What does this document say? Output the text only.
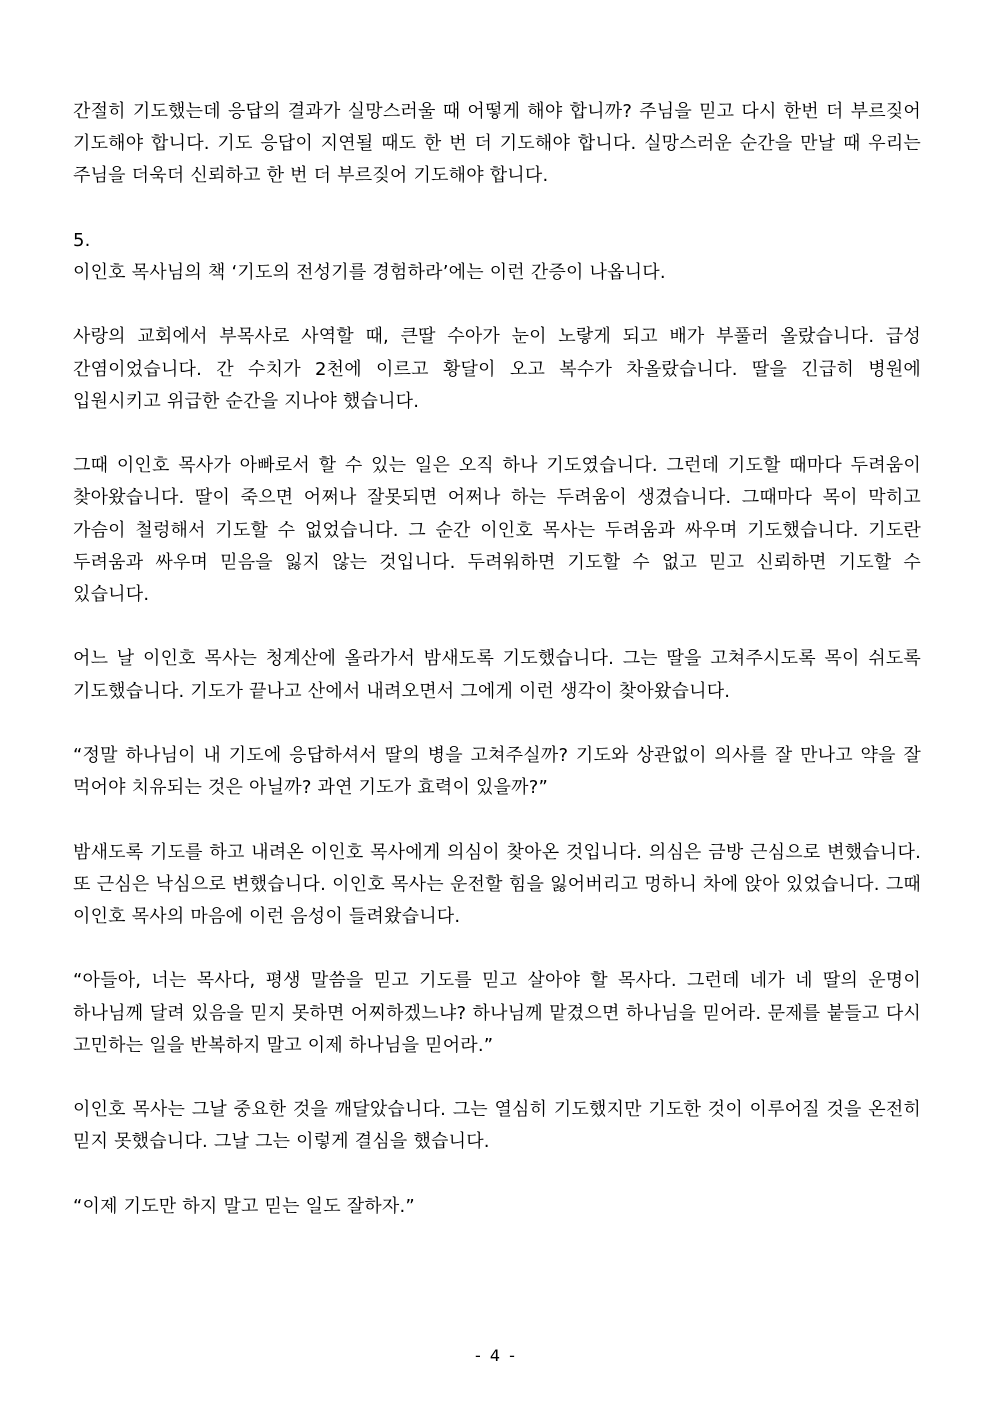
간절히 기도했는데 응답의 결과가 실망스러울 때 어떻게 해야 합니까? 주님을 믿고 다시 한번 더 부르짖어 기도해야 합니다. 기도 응답이 지연될 때도 한 번 더 기도해야 합니다. 실망스러운 순간을 만날 때 우리는 주님을 더욱더 신뢰하고 한 번 더 부르짖어 기도해야 합니다.

5.

이인호 목사님의 책 ‘기도의 전성기를 경험하라’에는 이런 간증이 나옵니다.

사랑의 교회에서 부목사로 사역할 때, 큰딸 수아가 눈이 노랗게 되고 배가 부풀러 올랐습니다. 급성 간염이었습니다. 간 수치가 2천에 이르고 황달이 오고 복수가 차올랐습니다. 딸을 긴급히 병원에 입원시키고 위급한 순간을 지나야 했습니다.

그때 이인호 목사가 아빠로서 할 수 있는 일은 오직 하나 기도였습니다. 그런데 기도할 때마다 두려움이 찾아왔습니다. 딸이 죽으면 어쩌나 잘못되면 어쩌나 하는 두려움이 생겼습니다. 그때마다 목이 막히고 가슴이 철렁해서 기도할 수 없었습니다. 그 순간 이인호 목사는 두려움과 싸우며 기도했습니다. 기도란 두려움과 싸우며 믿음을 잃지 않는 것입니다. 두려워하면 기도할 수 없고 믿고 신뢰하면 기도할 수 있습니다.

어느 날 이인호 목사는 청계산에 올라가서 밤새도록 기도했습니다. 그는 딸을 고쳐주시도록 목이 쉬도록 기도했습니다. 기도가 끝나고 산에서 내려오면서 그에게 이런 생각이 찾아왔습니다.

“정말 하나님이 내 기도에 응답하셔서 딸의 병을 고쳐주실까? 기도와 상관없이 의사를 잘 만나고 약을 잘 먹어야 치유되는 것은 아닐까? 과연 기도가 효력이 있을까?”

밤새도록 기도를 하고 내려온 이인호 목사에게 의심이 찾아온 것입니다. 의심은 금방 근심으로 변했습니다. 또 근심은 낙심으로 변했습니다. 이인호 목사는 운전할 힘을 잃어버리고 멍하니 차에 앉아 있었습니다. 그때 이인호 목사의 마음에 이런 음성이 들려왔습니다.

“아들아, 너는 목사다, 평생 말씀을 믿고 기도를 믿고 살아야 할 목사다. 그런데 네가 네 딸의 운명이 하나님께 달려 있음을 믿지 못하면 어찌하겠느냐? 하나님께 맡겼으면 하나님을 믿어라. 문제를 붙들고 다시 고민하는 일을 반복하지 말고 이제 하나님을 믿어라.”

이인호 목사는 그날 중요한 것을 깨달았습니다. 그는 열심히 기도했지만 기도한 것이 이루어질 것을 온전히 믿지 못했습니다. 그날 그는 이렇게 결심을 했습니다.

“이제 기도만 하지 말고 믿는 일도 잘하자.”

- 4 -
